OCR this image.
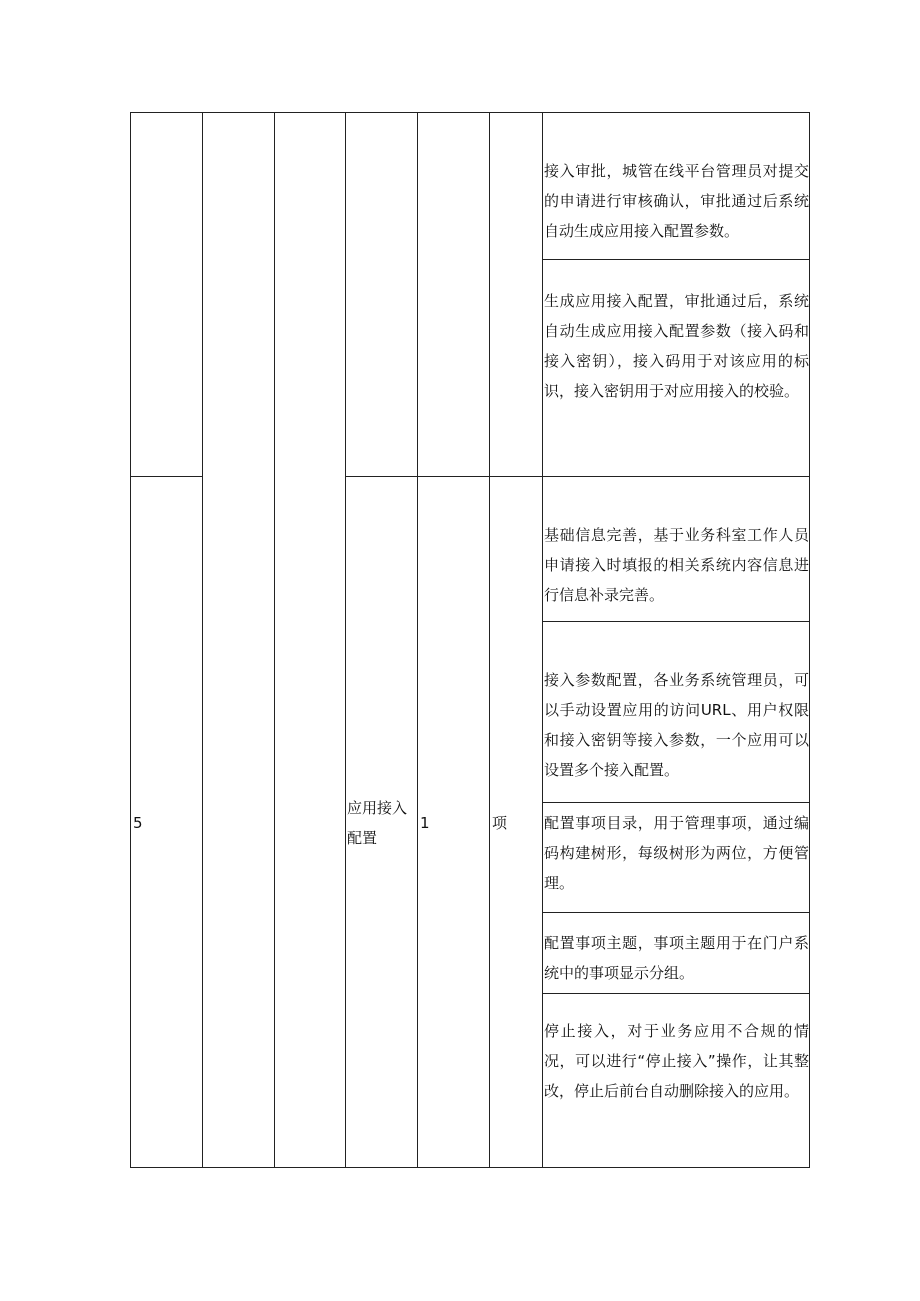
接入审批，城管在线平台管理员对提交的申请进行审核确认，审批通过后系统自动生成应用接入配置参数。
生成应用接入配置，审批通过后，系统自动生成应用接入配置参数（接入码和接入密钥），接入码用于对该应用的标识，接入密钥用于对应用接入的校验。
5
应用接入配置
1	项
基础信息完善，基于业务科室工作人员申请接入时填报的相关系统内容信息进行信息补录完善。
接入参数配置，各业务系统管理员，可以手动设置应用的访问URL、用户权限和接入密钥等接入参数，一个应用可以设置多个接入配置。
配置事项目录，用于管理事项，通过编码构建树形，每级树形为两位，方便管理。
配置事项主题，事项主题用于在门户系统中的事项显示分组。
停止接入，对于业务应用不合规的情况，可以进行“停止接入”操作，让其整改，停止后前台自动删除接入的应用。
